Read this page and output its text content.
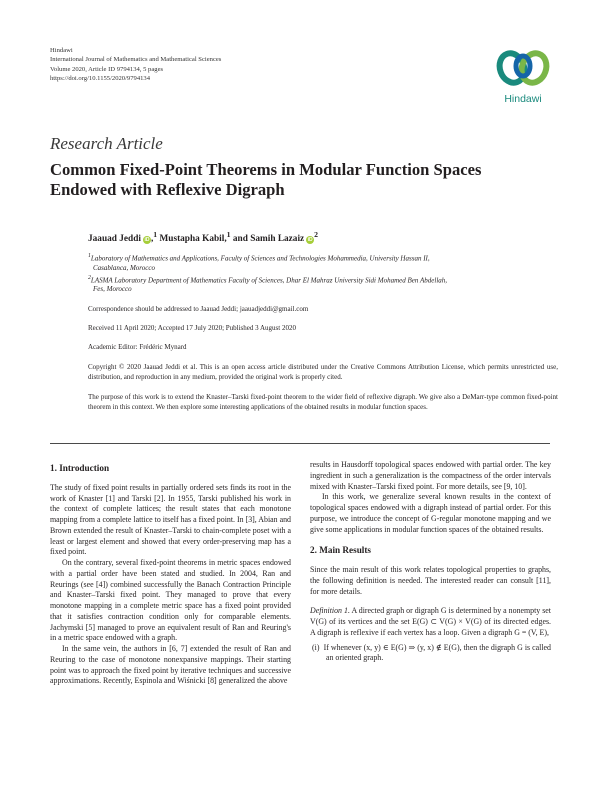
Hindawi
International Journal of Mathematics and Mathematical Sciences
Volume 2020, Article ID 9794134, 5 pages
https://doi.org/10.1155/2020/9794134
Hindawi
Research Article
Common Fixed-Point Theorems in Modular Function Spaces Endowed with Reflexive Digraph
Jaauad Jeddi iD ,$^1$ Mustapha Kabil,$^1$ and Samih Lazaiz $iD^2$
$^1$Laboratory of Mathematics and Applications, Faculty of Sciences and Technologies Mohammedia, University Hassan II,
Casablanca, Morocco
$^2$LASMA Laboratory Department of Mathematics Faculty of Sciences, Dhar El Mahraz University Sidi Mohamed Ben Abdellah,
Fes, Morocco
Correspondence should be addressed to Jaauad Jeddi; jaauadjeddi@gmail.com
Received 11 April 2020; Accepted 17 July 2020; Published 3 August 2020
Academic Editor: Frédéric Mynard
Copyright © 2020 Jaauad Jeddi et al. This is an open access article distributed under the Creative Commons Attribution License, which permits unrestricted use, distribution, and reproduction in any medium, provided the original work is properly cited.
The purpose of this work is to extend the Knaster–Tarski fixed-point theorem to the wider field of reflexive digraph. We give also a DeMarr-type common fixed-point theorem in this context. We then explore some interesting applications of the obtained results in modular function spaces.
1. Introduction

The study of fixed point results in partially ordered sets finds its root in the work of Knaster [1] and Tarski [2]. In 1955, Tarski published his work in the context of complete lattices; the result states that each monotone mapping from a complete lattice to itself has a fixed point. In [3], Abian and Brown extended the result of Knaster–Tarski to chain-complete poset with a least or largest element and showed that every order-preserving map has a fixed point.

On the contrary, several fixed-point theorems in metric spaces endowed with a partial order have been stated and studied. In 2004, Ran and Reurings (see [4]) combined successfully the Banach Contraction Principle and Knaster–Tarski fixed point. They managed to prove that every monotone mapping in a complete metric space has a fixed point provided that it satisfies contraction condition only for comparable elements. Jachymski [5] managed to prove an equivalent result of Ran and Reuring's in a metric space endowed with a graph.

In the same vein, the authors in [6, 7] extended the result of Ran and Reuring to the case of monotone nonexpansive mappings. Their starting point was to approach the fixed point by iterative techniques and successive approximations. Recently, Espinola and Wiśnicki [8] generalized the above

results in Hausdorff topological spaces endowed with partial order. The key ingredient in such a generalization is the compactness of the order intervals mixed with Knaster–Tarski fixed point. For more details, see [9, 10].

In this work, we generalize several known results in the context of topological spaces endowed with a digraph instead of partial order. For this purpose, we introduce the concept of G-regular monotone mapping and we give some applications in modular function spaces of the obtained results.

2. Main Results

Since the main result of this work relates topological properties to graphs, the following definition is needed. The interested reader can consult [11], for more details.

Definition 1. A directed graph or digraph G is determined by a nonempty set V(G) of its vertices and the set E(G) ⊂ V(G) × V(G) of its directed edges. A digraph is reflexive if each vertex has a loop. Given a digraph G = (V, E),

(i) If whenever (x, y) ∈ E(G) ⇒ (y, x) ∉ E(G), then the digraph G is called an oriented graph.
